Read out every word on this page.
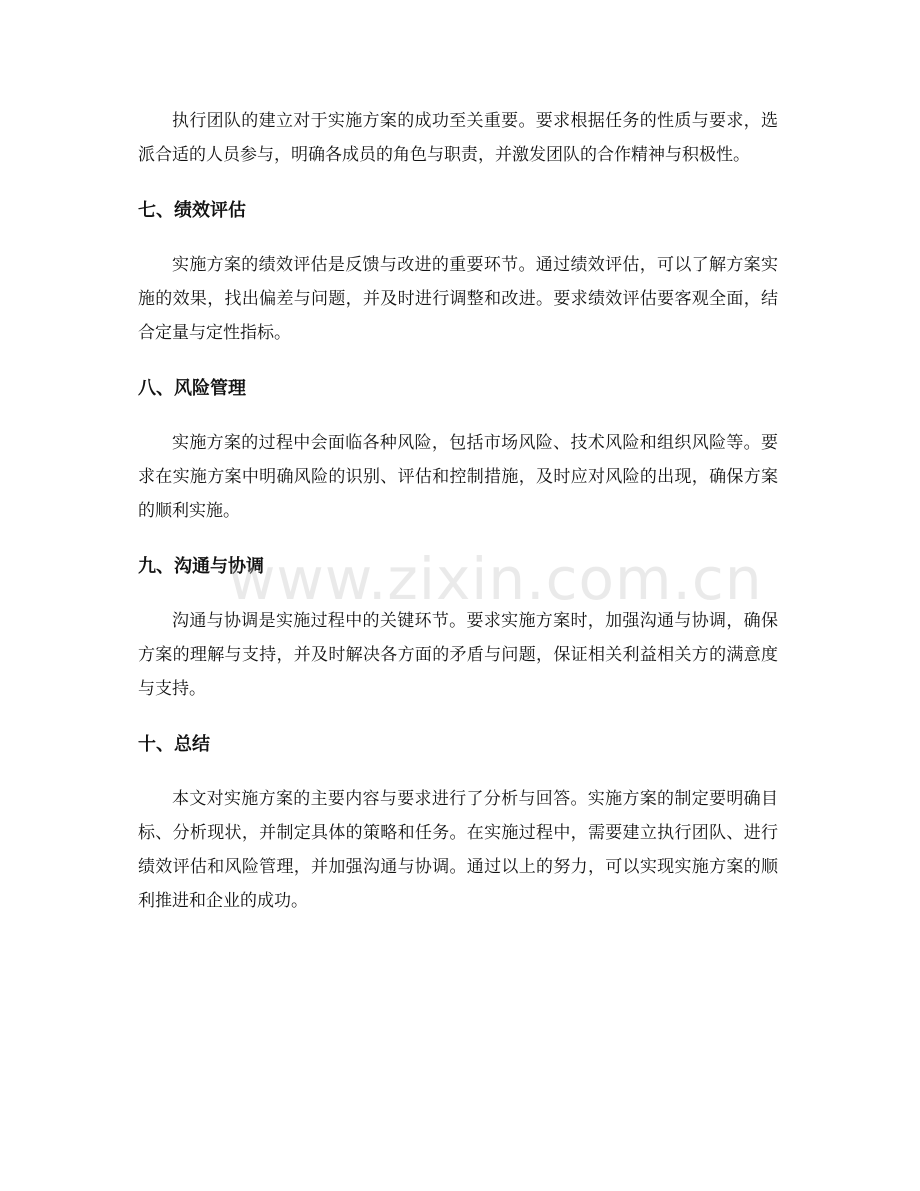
执行团队的建立对于实施方案的成功至关重要。要求根据任务的性质与要求，选派合适的人员参与，明确各成员的角色与职责，并激发团队的合作精神与积极性。

七、绩效评估

实施方案的绩效评估是反馈与改进的重要环节。通过绩效评估，可以了解方案实施的效果，找出偏差与问题，并及时进行调整和改进。要求绩效评估要客观全面，结合定量与定性指标。

八、风险管理

实施方案的过程中会面临各种风险，包括市场风险、技术风险和组织风险等。要求在实施方案中明确风险的识别、评估和控制措施，及时应对风险的出现，确保方案的顺利实施。

九、沟通与协调

沟通与协调是实施过程中的关键环节。要求实施方案时，加强沟通与协调，确保方案的理解与支持，并及时解决各方面的矛盾与问题，保证相关利益相关方的满意度与支持。

十、总结

本文对实施方案的主要内容与要求进行了分析与回答。实施方案的制定要明确目标、分析现状，并制定具体的策略和任务。在实施过程中，需要建立执行团队、进行绩效评估和风险管理，并加强沟通与协调。通过以上的努力，可以实现实施方案的顺利推进和企业的成功。

www.zixin.com.cn
